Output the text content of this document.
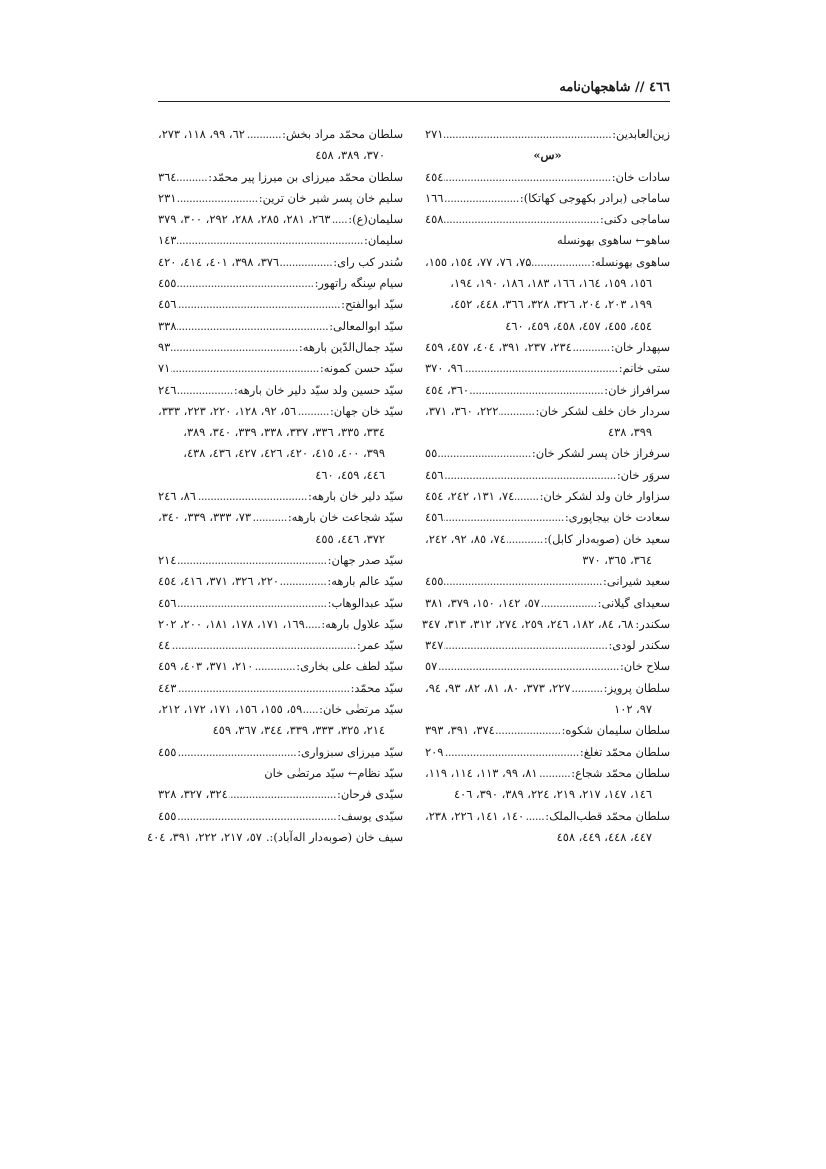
٤٦٦ // شاهجهان‌نامه
زین‌العابدین:
.....
۲۷۱
«س»
سادات خان:
.....
٤٥٤
ساماجی (برادر بکهوجی کهاتکا):
.....
١٦٦
ساماجی دکنی:
.....
٤٥٨
ساهو← ساهوی بهونسله
ساهوی بهونسله:
.....
۷۵، ۷٦، ۷۷، ١٥٤، ١٥٥،
١٥٦، ١٥٩، ١٦٤، ١٦٦، ١٨٣، ١٨٦، ١٩٠، ١٩٤،
١٩٩، ٢٠٣، ٢٠٤، ٣٢٦، ٣٢٨، ٣٦٦، ٤٤٨، ٤٥٢،
٤٥٤، ٤٥٥، ٤٥٧، ٤٥٨، ٤٥٩، ٤٦٠
سپهدار خان:
.....
٢٣٤، ٢٣٧، ٣٩١، ٤٠٤، ٤٥٧، ٤٥٩
ستی خانم:
.....
٩٦، ٣٧٠
سرافراز خان:
.....
٣٦٠، ٤٥٤
سردار خان خلف لشکر خان:
.....
٢٢٢، ٣٦٠، ٣٧١،
٣٩٩، ٤٣٨
سرفراز خان پسر لشکر خان:
.....
٥٥
سروَر خان:
.....
٤٥٦
سزاوار خان ولد لشکر خان:
.....
٧٤، ١٣١، ٢٤٢، ٤٥٤
سعادت خان بیجاپوری:
.....
٤٥٦
سعید خان (صوبه‌دار کابل):
.....
٧٤، ٨٥، ٩٢، ٢٤٢،
٣٦٤، ٣٦٥، ٣٧٠
سعید شیرانی:
.....
٤٥٥
سعیدای گیلانی:
.....
٥٧، ١٤٢، ١٥٠، ٣٧٩، ٣٨١
سکندر:
٦٨، ٨٤، ١٨٢، ٢٤٦، ٢٥٩، ٢٧٤، ٣١٢، ٣١٣، ٣٤٧
سکندر لودی:
.....
٣٤٧
سلاح خان:
.....
٥٧
سلطان پرویز:
.....
٢٢٧، ٣٧٣، ٨٠، ٨١، ٨٢، ٩٣، ٩٤،
٩٧، ١٠٢
سلطان سلیمان شکوه:
.....
٣٧٤، ٣٩١، ٣٩٣
سلطان محمّد تغلغ:
.....
٢٠٩
سلطان محمّد شجاع:
.....
٨١، ٩٩، ١١٣، ١١٤، ١١٩،
١٤٦، ١٤٧، ٢١٧، ٢١٩، ٢٢٤، ٣٨٩، ٣٩٠، ٤٠٦
سلطان محمّد قطب‌الملک:
.....
١٤٠، ١٤١، ٢٢٦، ٢٣٨،
٤٤٧، ٤٤٨، ٤٤٩، ٤٥٨
سلطان محمّد مراد بخش:
.....
٦٢، ٩٩، ١١٨، ٢٧٣،
٣٧٠، ٣٨٩، ٤٥٨
سلطان محمّد میرزای بن میرزا پیر محمّد:
.....
٣٦٤
سلیم خان پسر شیر خان ترین:
.....
٢٣١
سلیمان(ع):
.....
٢٦٣، ٢٨١، ٢٨٥، ٢٨٨، ٢٩٢، ٣٠٠، ٣٧٩
سلیمان:
.....
١٤٣
سُندر کب رای:
.....
٣٧٦، ٣٩٨، ٤٠١، ٤١٤، ٤٢٠
سیام سِنگه راتهور:
.....
٤٥٥
سیّد ابوالفتح:
.....
٤٥٦
سیّد ابوالمعالی:
.....
٣٣٨
سیّد جمال‌الدّین بارهه:
.....
٩٣
سیّد حسن کمونه:
.....
٧١
سیّد حسین ولد سیّد دلیر خان بارهه:
.....
٢٤٦
سیّد خان جهان:
.....
٥٦، ٩٢، ١٢٨، ٢٢٠، ٢٢٣، ٣٣٣،
٣٣٤، ٣٣٥، ٣٣٦، ٣٣٧، ٣٣٨، ٣٣٩، ٣٤٠، ٣٨٩،
٣٩٩، ٤٠٠، ٤١٥، ٤٢٠، ٤٢٦، ٤٢٧، ٤٣٦، ٤٣٨،
٤٤٦، ٤٥٩، ٤٦٠
سیّد دلیر خان بارهه:
.....
٨٦، ٢٤٦
سیّد شجاعت خان بارهه:
.....
٧٣، ٣٣٣، ٣٣٩، ٣٤٠،
٣٧٢، ٤٤٦، ٤٥٥
سیّد صدر جهان:
.....
٢١٤
سیّد عالم بارهه:
.....
٢٢٠، ٣٢٦، ٣٧١، ٤١٦، ٤٥٤
سیّد عبدالوهاب:
.....
٤٥٦
سیّد علاول بارهه:
.....
١٦٩، ١٧١، ١٧٨، ١٨١، ٢٠٠، ٢٠٢
سیّد عمر:
.....
٤٤
سیّد لطف علی بخاری:
.....
٢١٠، ٣٧١، ٤٠٣، ٤٥٩
سیّد محمّد:
.....
٤٤٣
سیّد مرتضٰی خان:
.....
٥٩، ١٥٥، ١٥٦، ١٧١، ١٧٢، ٢١٢،
٢١٤، ٣٢٥، ٣٣٣، ٣٣٩، ٣٤٤، ٣٦٧، ٤٥٩
سیّد میرزای سبزواری:
.....
٤٥٥
سیّد نظام← سیّد مرتضٰی خان
سیّدی فرحان:
.....
٣٢٤، ٣٢٧، ٣٢٨
سیّدی یوسف:
.....
٤٥٥
سیف خان (صوبه‌دار اله‌آباد):.
٥٧، ٢١٧، ٢٢٢، ٣٩١، ٤٠٤
